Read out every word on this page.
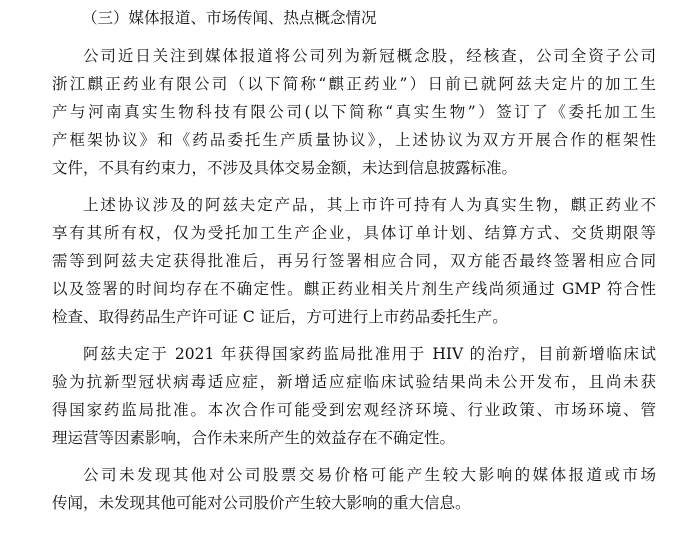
（三）媒体报道、市场传闻、热点概念情况
公司近日关注到媒体报道将公司列为新冠概念股，经核查，公司全资子公司
浙江麒正药业有限公司（以下简称“麒正药业”）日前已就阿兹夫定片的加工生
产与河南真实生物科技有限公司(以下简称“真实生物”）签订了《委托加工生
产框架协议》和《药品委托生产质量协议》，上述协议为双方开展合作的框架性
文件，不具有约束力，不涉及具体交易金额，未达到信息披露标准。
上述协议涉及的阿兹夫定产品，其上市许可持有人为真实生物，麒正药业不
享有其所有权，仅为受托加工生产企业，具体订单计划、结算方式、交货期限等
需等到阿兹夫定获得批准后，再另行签署相应合同，双方能否最终签署相应合同
以及签署的时间均存在不确定性。麒正药业相关片剂生产线尚须通过 GMP 符合性
检查、取得药品生产许可证 C 证后，方可进行上市药品委托生产。
阿兹夫定于 2021 年获得国家药监局批准用于 HIV 的治疗，目前新增临床试
验为抗新型冠状病毒适应症，新增适应症临床试验结果尚未公开发布，且尚未获
得国家药监局批准。本次合作可能受到宏观经济环境、行业政策、市场环境、管
理运营等因素影响，合作未来所产生的效益存在不确定性。
公司未发现其他对公司股票交易价格可能产生较大影响的媒体报道或市场
传闻，未发现其他可能对公司股价产生较大影响的重大信息。
